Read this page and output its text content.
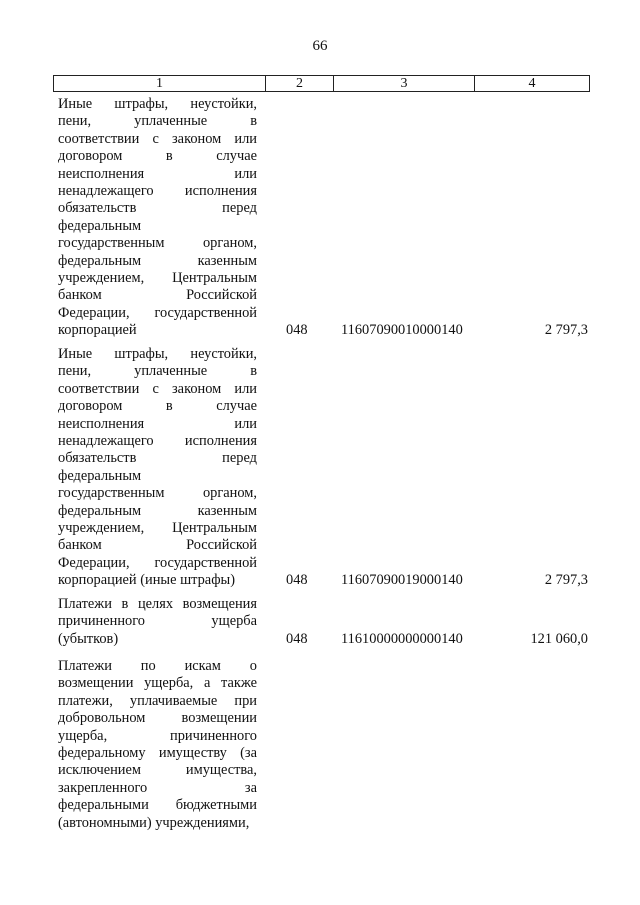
66
1	2	3	4
Иные штрафы, неустойки,
пени, уплаченные в
соответствии с законом или
договором в случае
неисполнения или
ненадлежащего исполнения
обязательств перед
федеральным
государственным органом,
федеральным казенным
учреждением, Центральным
банком Российской
Федерации, государственной
корпорацией	048	11607090010000140	2 797,3
Иные штрафы, неустойки,
пени, уплаченные в
соответствии с законом или
договором в случае
неисполнения или
ненадлежащего исполнения
обязательств перед
федеральным
государственным органом,
федеральным казенным
учреждением, Центральным
банком Российской
Федерации, государственной
корпорацией (иные штрафы)	048	11607090019000140	2 797,3
Платежи в целях возмещения
причиненного ущерба
(убытков)	048	11610000000000140	121 060,0
Платежи по искам о
возмещении ущерба, а также
платежи, уплачиваемые при
добровольном возмещении
ущерба, причиненного
федеральному имуществу (за
исключением имущества,
закрепленного за
федеральными бюджетными
(автономными) учреждениями,
